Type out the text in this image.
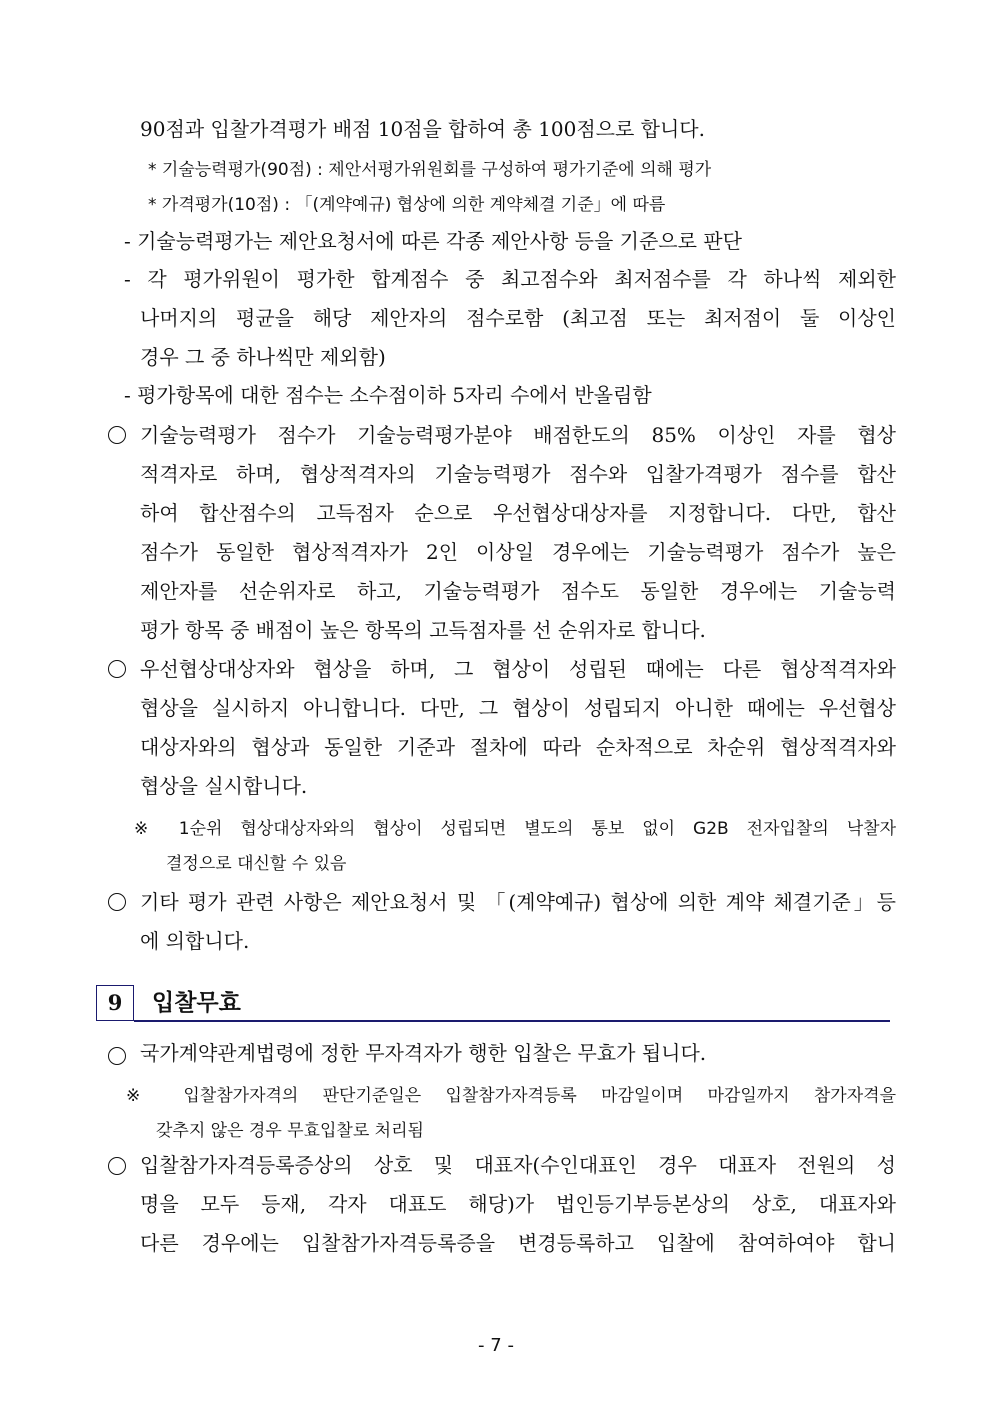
90점과 입찰가격평가 배점 10점을 합하여 총 100점으로 합니다.
* 기술능력평가(90점) : 제안서평가위원회를 구성하여 평가기준에 의해 평가
* 가격평가(10점) : 「(계약예규) 협상에 의한 계약체결 기준」에 따름
- 기술능력평가는 제안요청서에 따른 각종 제안사항 등을 기준으로 판단
- 각 평가위원이 평가한 합계점수 중 최고점수와 최저점수를 각 하나씩 제외한
나머지의 평균을 해당 제안자의 점수로함 (최고점 또는 최저점이 둘 이상인
경우 그 중 하나씩만 제외함)
- 평가항목에 대한 점수는 소수점이하 5자리 수에서 반올림함
기술능력평가 점수가 기술능력평가분야 배점한도의 85% 이상인 자를 협상
적격자로 하며, 협상적격자의 기술능력평가 점수와 입찰가격평가 점수를 합산
하여 합산점수의 고득점자 순으로 우선협상대상자를 지정합니다. 다만, 합산
점수가 동일한 협상적격자가 2인 이상일 경우에는 기술능력평가 점수가 높은
제안자를 선순위자로 하고, 기술능력평가 점수도 동일한 경우에는 기술능력
평가 항목 중 배점이 높은 항목의 고득점자를 선 순위자로 합니다.
우선협상대상자와 협상을 하며, 그 협상이 성립된 때에는 다른 협상적격자와
협상을 실시하지 아니합니다. 다만, 그 협상이 성립되지 아니한 때에는 우선협상
대상자와의 협상과 동일한 기준과 절차에 따라 순차적으로 차순위 협상적격자와
협상을 실시합니다.
※ 1순위 협상대상자와의 협상이 성립되면 별도의 통보 없이 G2B 전자입찰의 낙찰자
결정으로 대신할 수 있음
기타 평가 관련 사항은 제안요청서 및 「(계약예규) 협상에 의한 계약 체결기준」등
에 의합니다.
9	입찰무효
국가계약관계법령에 정한 무자격자가 행한 입찰은 무효가 됩니다.
※ 입찰참가자격의 판단기준일은 입찰참가자격등록 마감일이며 마감일까지 참가자격을
갖추지 않은 경우 무효입찰로 처리됨
입찰참가자격등록증상의 상호 및 대표자(수인대표인 경우 대표자 전원의 성
명을 모두 등재, 각자 대표도 해당)가 법인등기부등본상의 상호, 대표자와
다른 경우에는 입찰참가자격등록증을 변경등록하고 입찰에 참여하여야 합니
- 7 -
